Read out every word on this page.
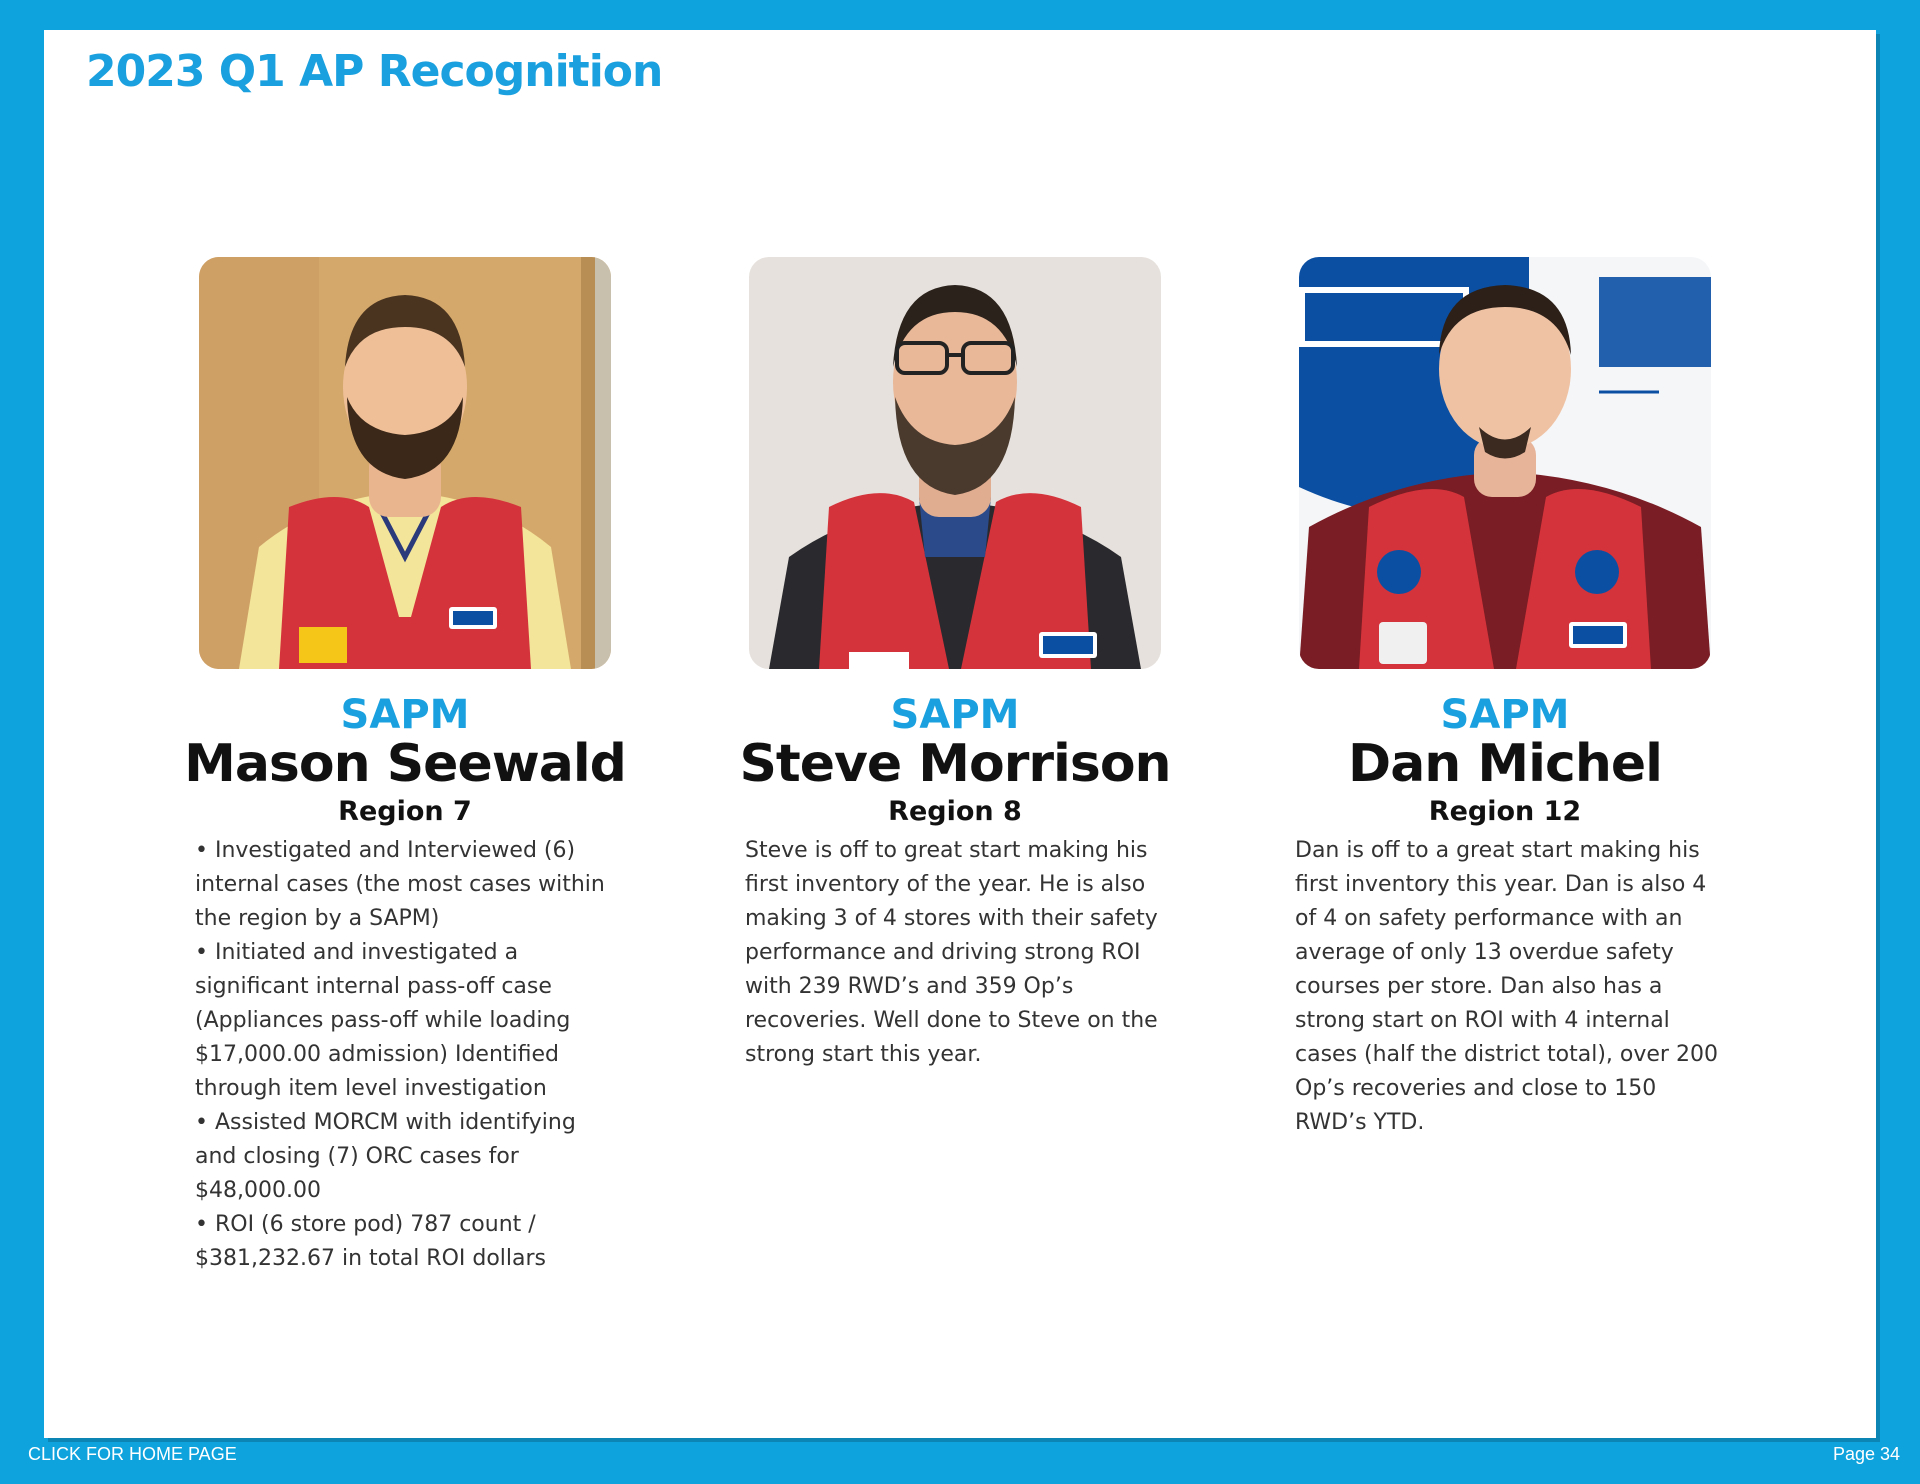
2023 Q1 AP Recognition
SAPM
Mason Seewald
Region 7
• Investigated and Interviewed (6) internal cases (the most cases within the region by a SAPM)
• Initiated and investigated a significant internal pass-off case (Appliances pass-off while loading $17,000.00 admission) Identified through item level investigation
• Assisted MORCM with identifying and closing (7) ORC cases for $48,000.00
• ROI (6 store pod) 787 count / $381,232.67 in total ROI dollars
SAPM
Steve Morrison
Region 8
Steve is off to great start making his first inventory of the year. He is also making 3 of 4 stores with their safety performance and driving strong ROI with 239 RWD’s and 359 Op’s recoveries. Well done to Steve on the strong start this year.
SAPM
Dan Michel
Region 12
Dan is off to a great start making his first inventory this year. Dan is also 4 of 4 on safety performance with an average of only 13 overdue safety courses per store. Dan also has a strong start on ROI with 4 internal cases (half the district total), over 200 Op’s recoveries and close to 150 RWD’s YTD.
CLICK FOR HOME PAGE	Page 34
